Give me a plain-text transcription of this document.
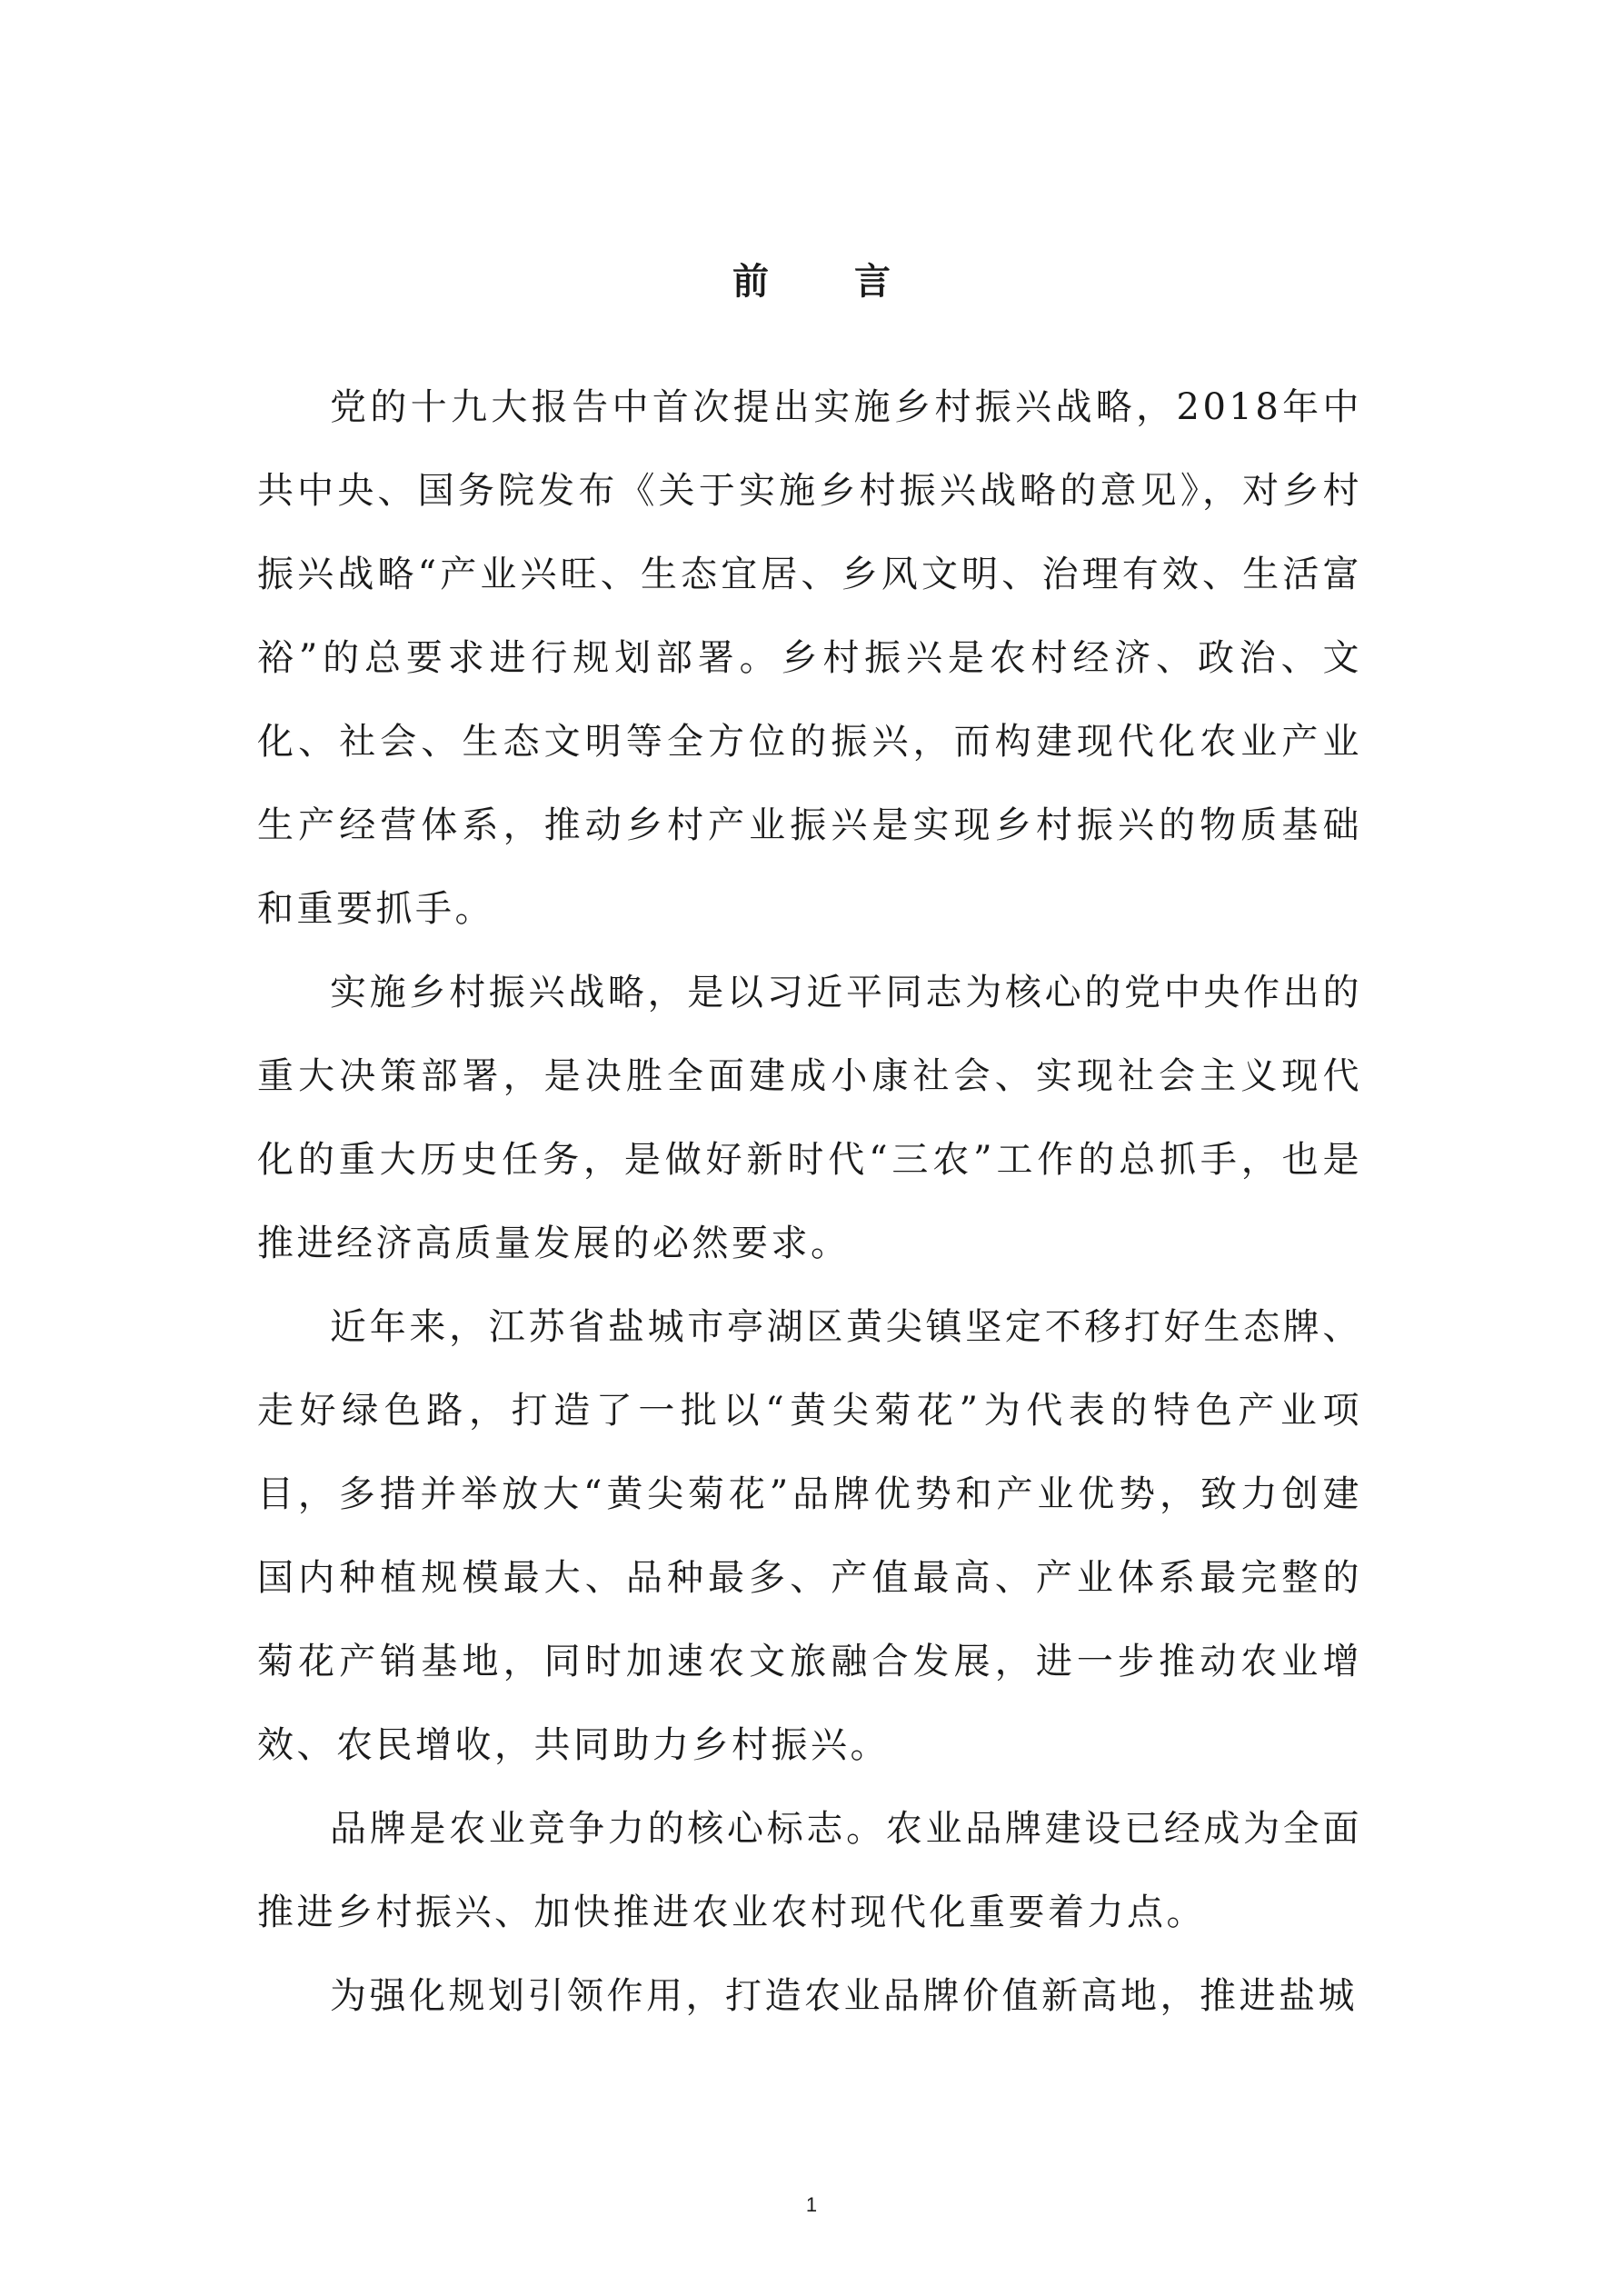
前 言

党的十九大报告中首次提出实施乡村振兴战略，2018年中共中央、国务院发布《关于实施乡村振兴战略的意见》，对乡村振兴战略“产业兴旺、生态宜居、乡风文明、治理有效、生活富裕”的总要求进行规划部署。乡村振兴是农村经济、政治、文化、社会、生态文明等全方位的振兴，而构建现代化农业产业生产经营体系，推动乡村产业振兴是实现乡村振兴的物质基础和重要抓手。

实施乡村振兴战略，是以习近平同志为核心的党中央作出的重大决策部署，是决胜全面建成小康社会、实现社会主义现代化的重大历史任务，是做好新时代“三农”工作的总抓手，也是推进经济高质量发展的必然要求。

近年来，江苏省盐城市亭湖区黄尖镇坚定不移打好生态牌、走好绿色路，打造了一批以“黄尖菊花”为代表的特色产业项目，多措并举放大“黄尖菊花”品牌优势和产业优势，致力创建国内种植规模最大、品种最多、产值最高、产业体系最完整的菊花产销基地，同时加速农文旅融合发展，进一步推动农业增效、农民增收，共同助力乡村振兴。

品牌是农业竞争力的核心标志。农业品牌建设已经成为全面推进乡村振兴、加快推进农业农村现代化重要着力点。

为强化规划引领作用，打造农业品牌价值新高地，推进盐城

1
